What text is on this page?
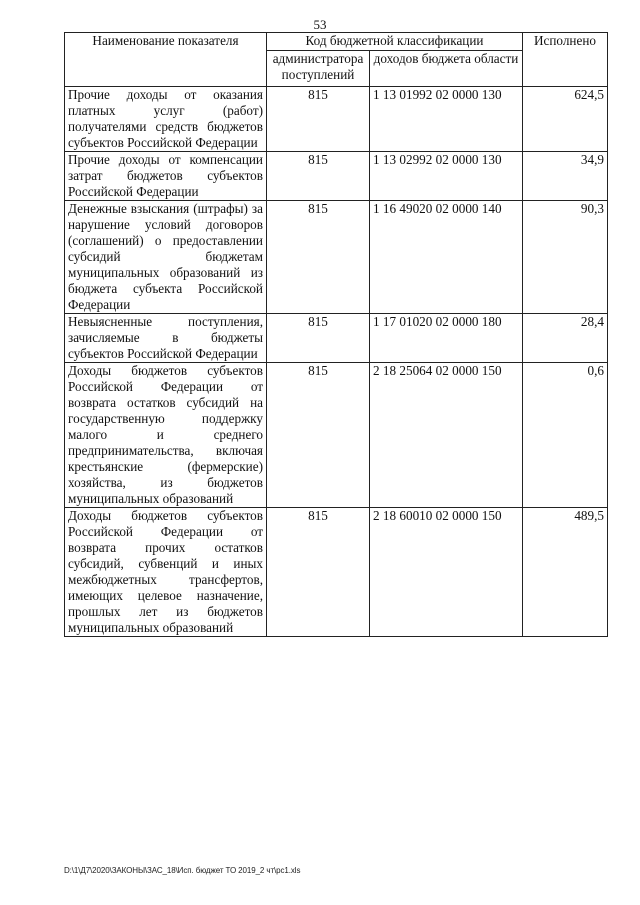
53
Наименование показателя	Код бюджетной классификации		Исполнено
	администратора поступлений	доходов бюджета области	
Прочие доходы от оказания платных услуг (работ) получателями средств бюджетов субъектов Российской Федерации	815	1 13 01992 02 0000 130	624,5
Прочие доходы от компенсации затрат бюджетов субъектов Российской Федерации	815	1 13 02992 02 0000 130	34,9
Денежные взыскания (штрафы) за нарушение условий договоров (соглашений) о предоставлении субсидий бюджетам муниципальных образований из бюджета субъекта Российской Федерации	815	1 16 49020 02 0000 140	90,3
Невыясненные поступления, зачисляемые в бюджеты субъектов Российской Федерации	815	1 17 01020 02 0000 180	28,4
Доходы бюджетов субъектов Российской Федерации от возврата остатков субсидий на государственную поддержку малого и среднего предпринимательства, включая крестьянские (фермерские) хозяйства, из бюджетов муниципальных образований	815	2 18 25064 02 0000 150	0,6
Доходы бюджетов субъектов Российской Федерации от возврата прочих остатков субсидий, субвенций и иных межбюджетных трансфертов, имеющих целевое назначение, прошлых лет из бюджетов муниципальных образований	815	2 18 60010 02 0000 150	489,5
D:\1\Д7\2020\ЗАКОНЫ\ЗАС_18\Исп. бюджет ТО 2019_2 чт\рс1.xls
